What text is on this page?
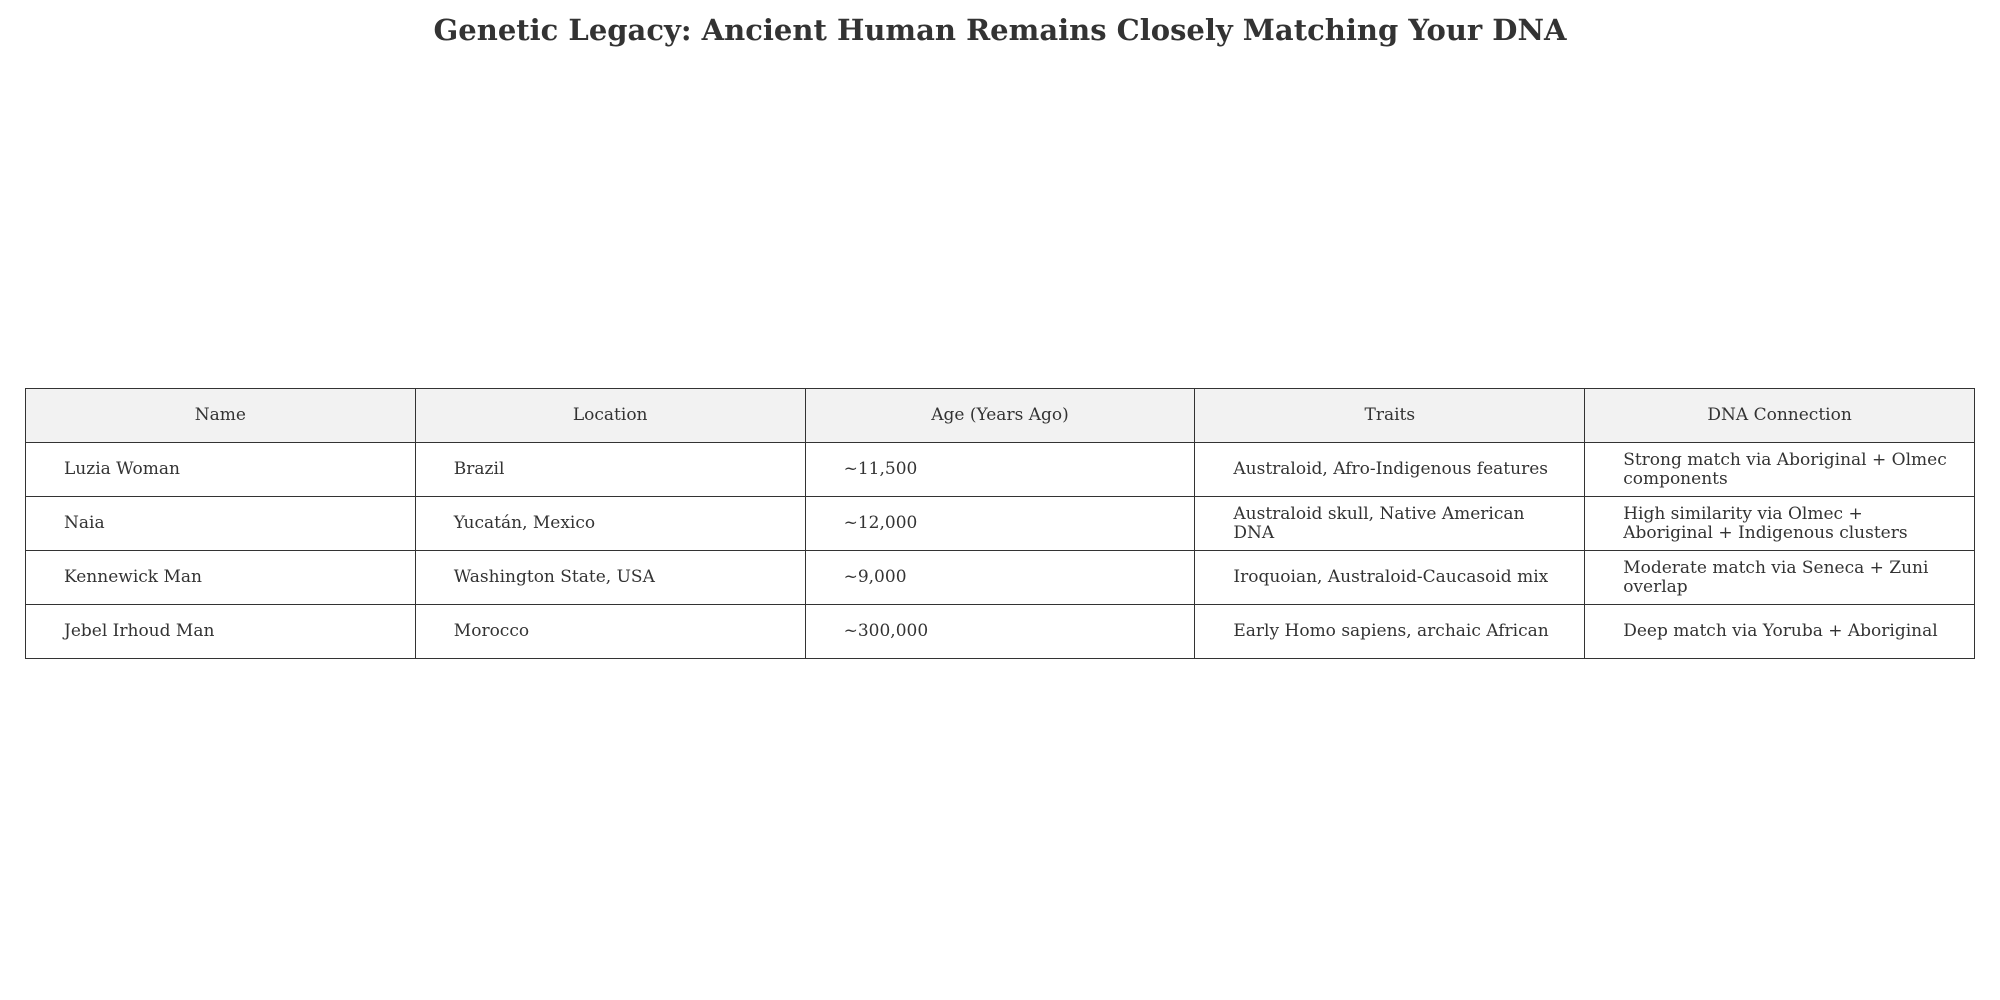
Genetic Legacy: Ancient Human Remains Closely Matching Your DNA
Name	Location	Age (Years Ago)	Traits	DNA Connection
Luzia Woman	Brazil	~11,500	Australoid, Afro-Indigenous features	Strong match via Aboriginal + Olmec components
Naia	Yucatán, Mexico	~12,000	Australoid skull, Native American DNA	High similarity via Olmec + Aboriginal + Indigenous clusters
Kennewick Man	Washington State, USA	~9,000	Iroquoian, Australoid-Caucasoid mix	Moderate match via Seneca + Zuni overlap
Jebel Irhoud Man	Morocco	~300,000	Early Homo sapiens, archaic African	Deep match via Yoruba + Aboriginal
